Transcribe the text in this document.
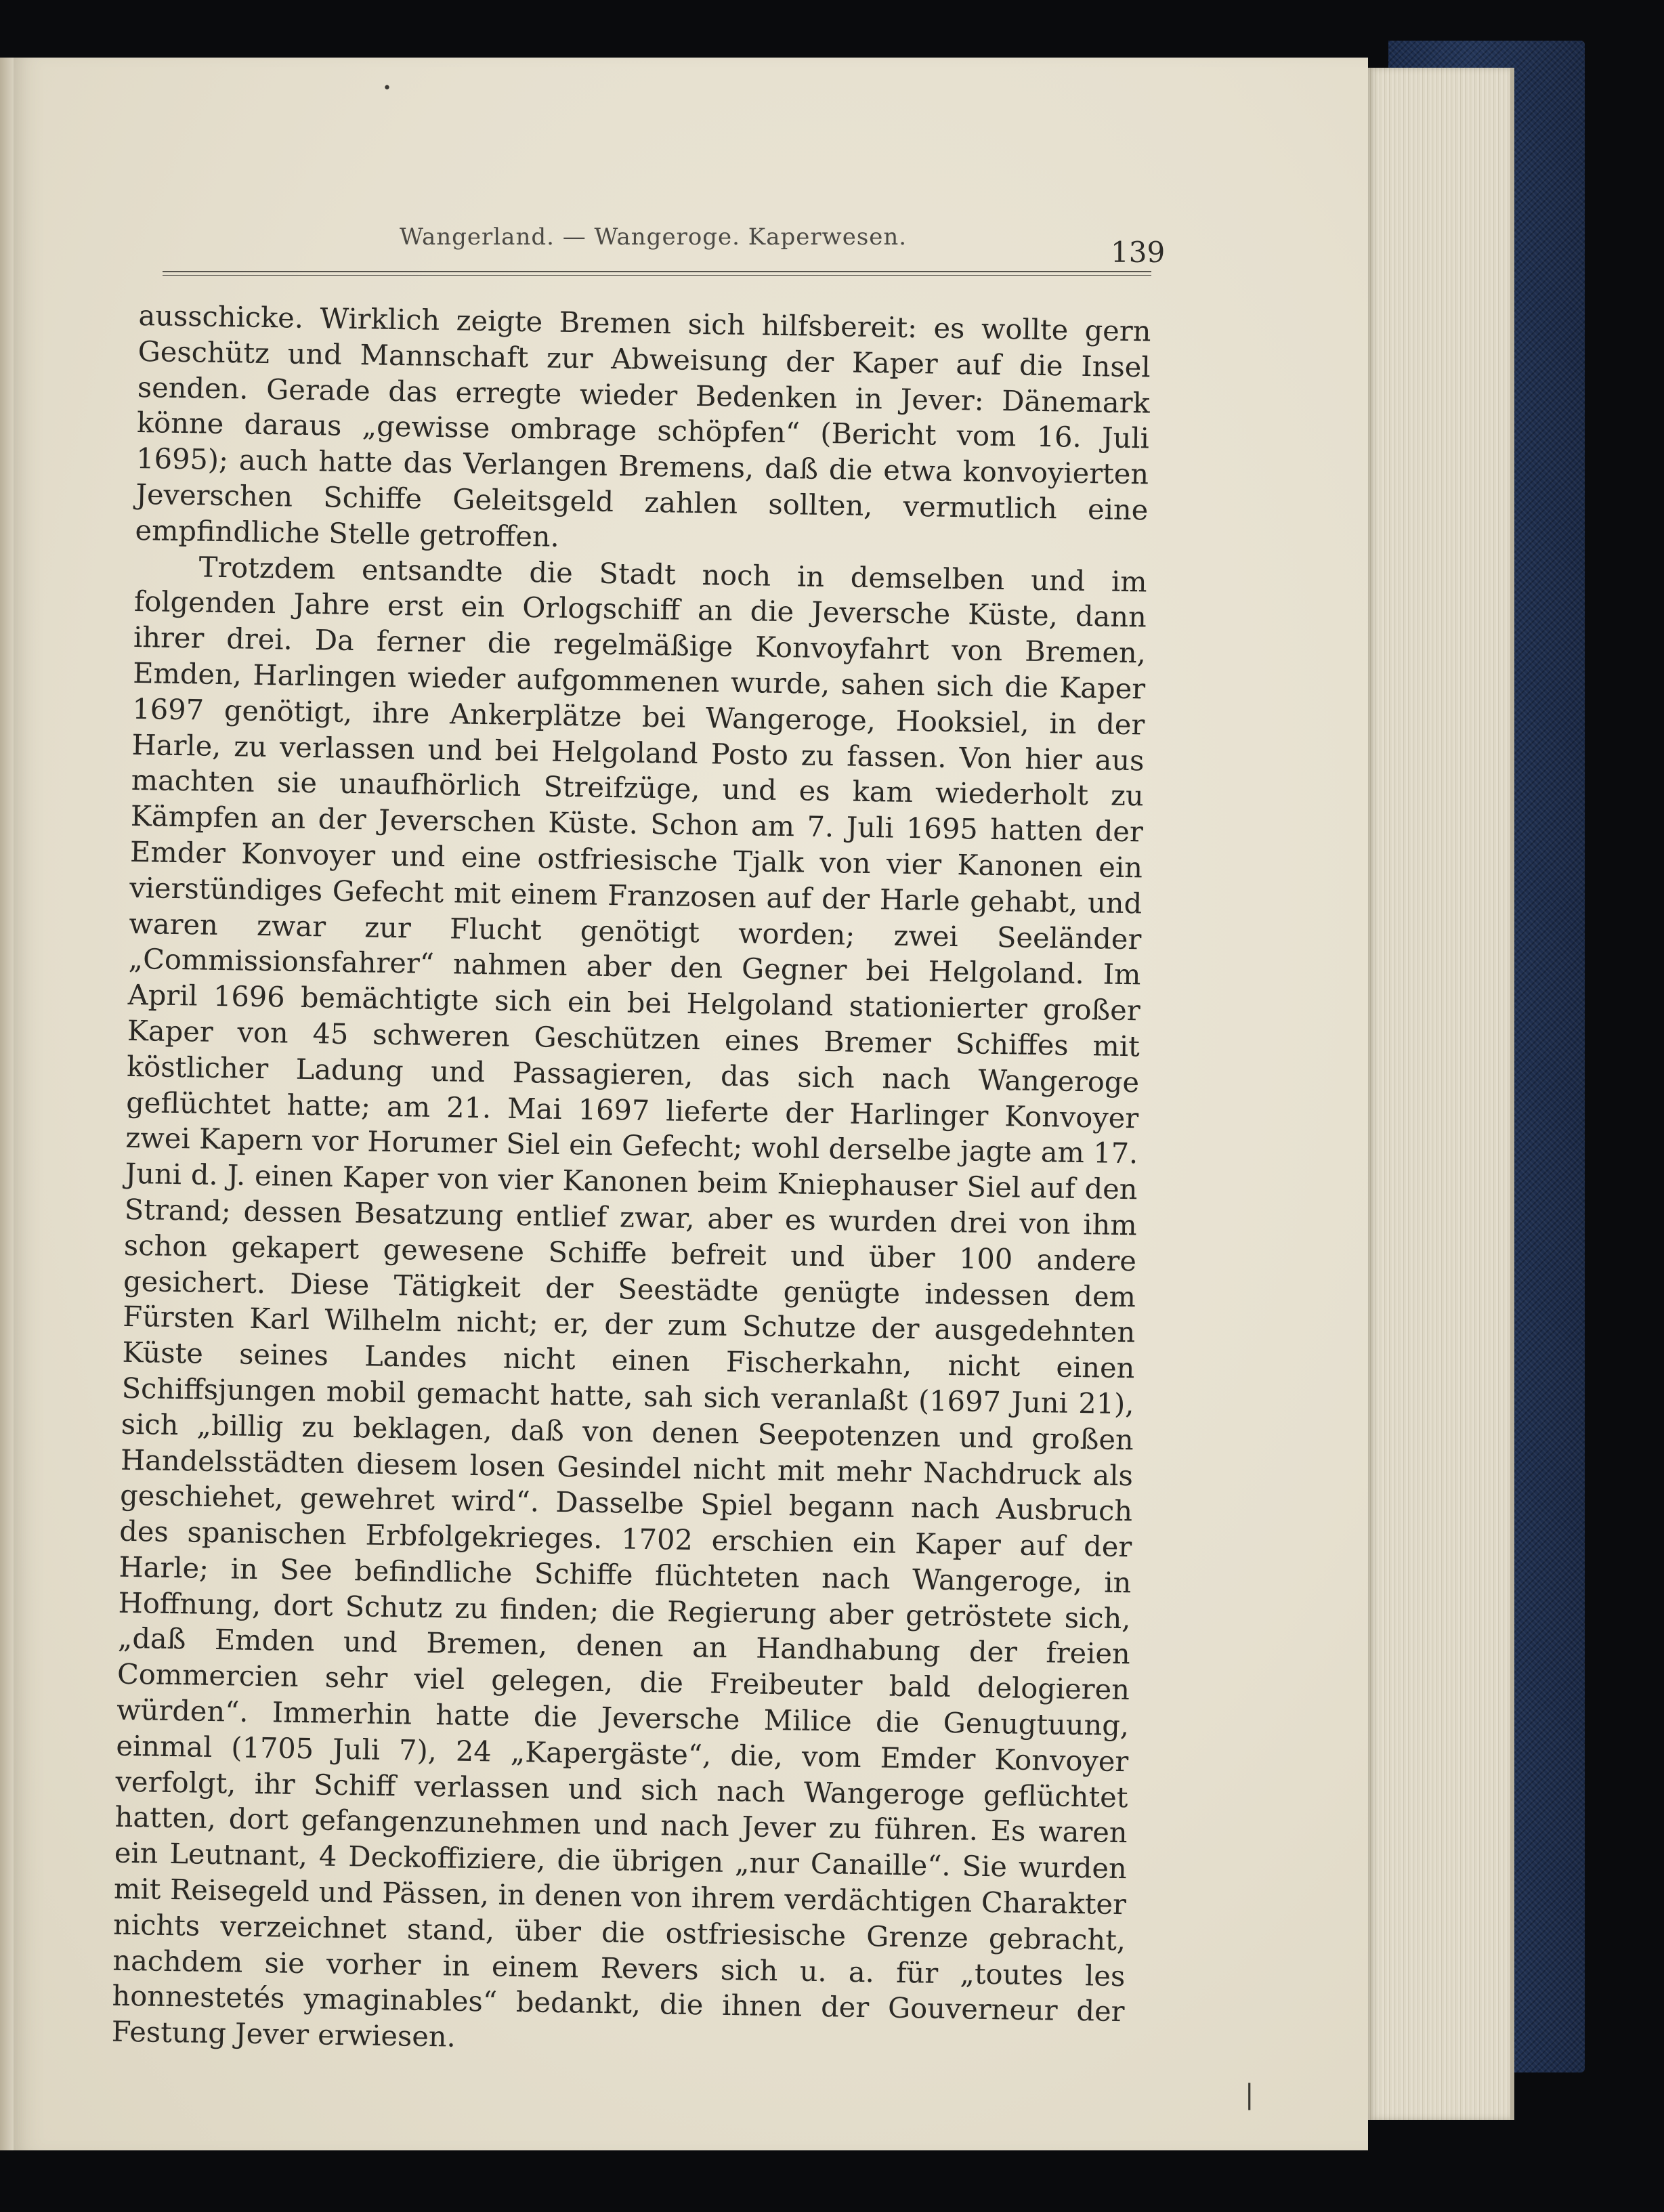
Wangerland. — Wangeroge. Kaperwesen.	139

ausschicke. Wirklich zeigte Bremen sich hilfsbereit: es wollte gern Geschütz und Mannschaft zur Abweisung der Kaper auf die Insel senden. Gerade das erregte wieder Bedenken in Jever: Dänemark könne daraus „gewisse ombrage schöpfen“ (Bericht vom 16. Juli 1695); auch hatte das Verlangen Bremens, daß die etwa konvoyierten Jeverschen Schiffe Geleitsgeld zahlen sollten, vermutlich eine empfindliche Stelle getroffen.

Trotzdem entsandte die Stadt noch in demselben und im folgenden Jahre erst ein Orlogschiff an die Jeversche Küste, dann ihrer drei. Da ferner die regelmäßige Konvoyfahrt von Bremen, Emden, Harlingen wieder aufgommenen wurde, sahen sich die Kaper 1697 genötigt, ihre Ankerplätze bei Wangeroge, Hooksiel, in der Harle, zu verlassen und bei Helgoland Posto zu fassen. Von hier aus machten sie unaufhörlich Streifzüge, und es kam wiederholt zu Kämpfen an der Jeverschen Küste. Schon am 7. Juli 1695 hatten der Emder Konvoyer und eine ostfriesische Tjalk von vier Kanonen ein vierstündiges Gefecht mit einem Franzosen auf der Harle gehabt, und waren zwar zur Flucht genötigt worden; zwei Seeländer „Commissionsfahrer“ nahmen aber den Gegner bei Helgoland. Im April 1696 bemächtigte sich ein bei Helgoland stationierter großer Kaper von 45 schweren Geschützen eines Bremer Schiffes mit köstlicher Ladung und Passagieren, das sich nach Wangeroge geflüchtet hatte; am 21. Mai 1697 lieferte der Harlinger Konvoyer zwei Kapern vor Horumer Siel ein Gefecht; wohl derselbe jagte am 17. Juni d. J. einen Kaper von vier Kanonen beim Kniephauser Siel auf den Strand; dessen Besatzung entlief zwar, aber es wurden drei von ihm schon gekapert gewesene Schiffe befreit und über 100 andere gesichert. Diese Tätigkeit der Seestädte genügte indessen dem Fürsten Karl Wilhelm nicht; er, der zum Schutze der ausgedehnten Küste seines Landes nicht einen Fischerkahn, nicht einen Schiffsjungen mobil gemacht hatte, sah sich veranlaßt (1697 Juni 21), sich „billig zu beklagen, daß von denen Seepotenzen und großen Handelsstädten diesem losen Gesindel nicht mit mehr Nachdruck als geschiehet, gewehret wird“. Dasselbe Spiel begann nach Ausbruch des spanischen Erbfolgekrieges. 1702 erschien ein Kaper auf der Harle; in See befindliche Schiffe flüchteten nach Wangeroge, in Hoffnung, dort Schutz zu finden; die Regierung aber getröstete sich, „daß Emden und Bremen, denen an Handhabung der freien Commercien sehr viel gelegen, die Freibeuter bald delogieren würden“. Immerhin hatte die Jeversche Milice die Genugtuung, einmal (1705 Juli 7), 24 „Kapergäste“, die, vom Emder Konvoyer verfolgt, ihr Schiff verlassen und sich nach Wangeroge geflüchtet hatten, dort gefangenzunehmen und nach Jever zu führen. Es waren ein Leutnant, 4 Deckoffiziere, die übrigen „nur Canaille“. Sie wurden mit Reisegeld und Pässen, in denen von ihrem verdächtigen Charakter nichts verzeichnet stand, über die ostfriesische Grenze gebracht, nachdem sie vorher in einem Revers sich u. a. für „toutes les honnestetés ymaginables“ bedankt, die ihnen der Gouverneur der Festung Jever erwiesen.

•
|
